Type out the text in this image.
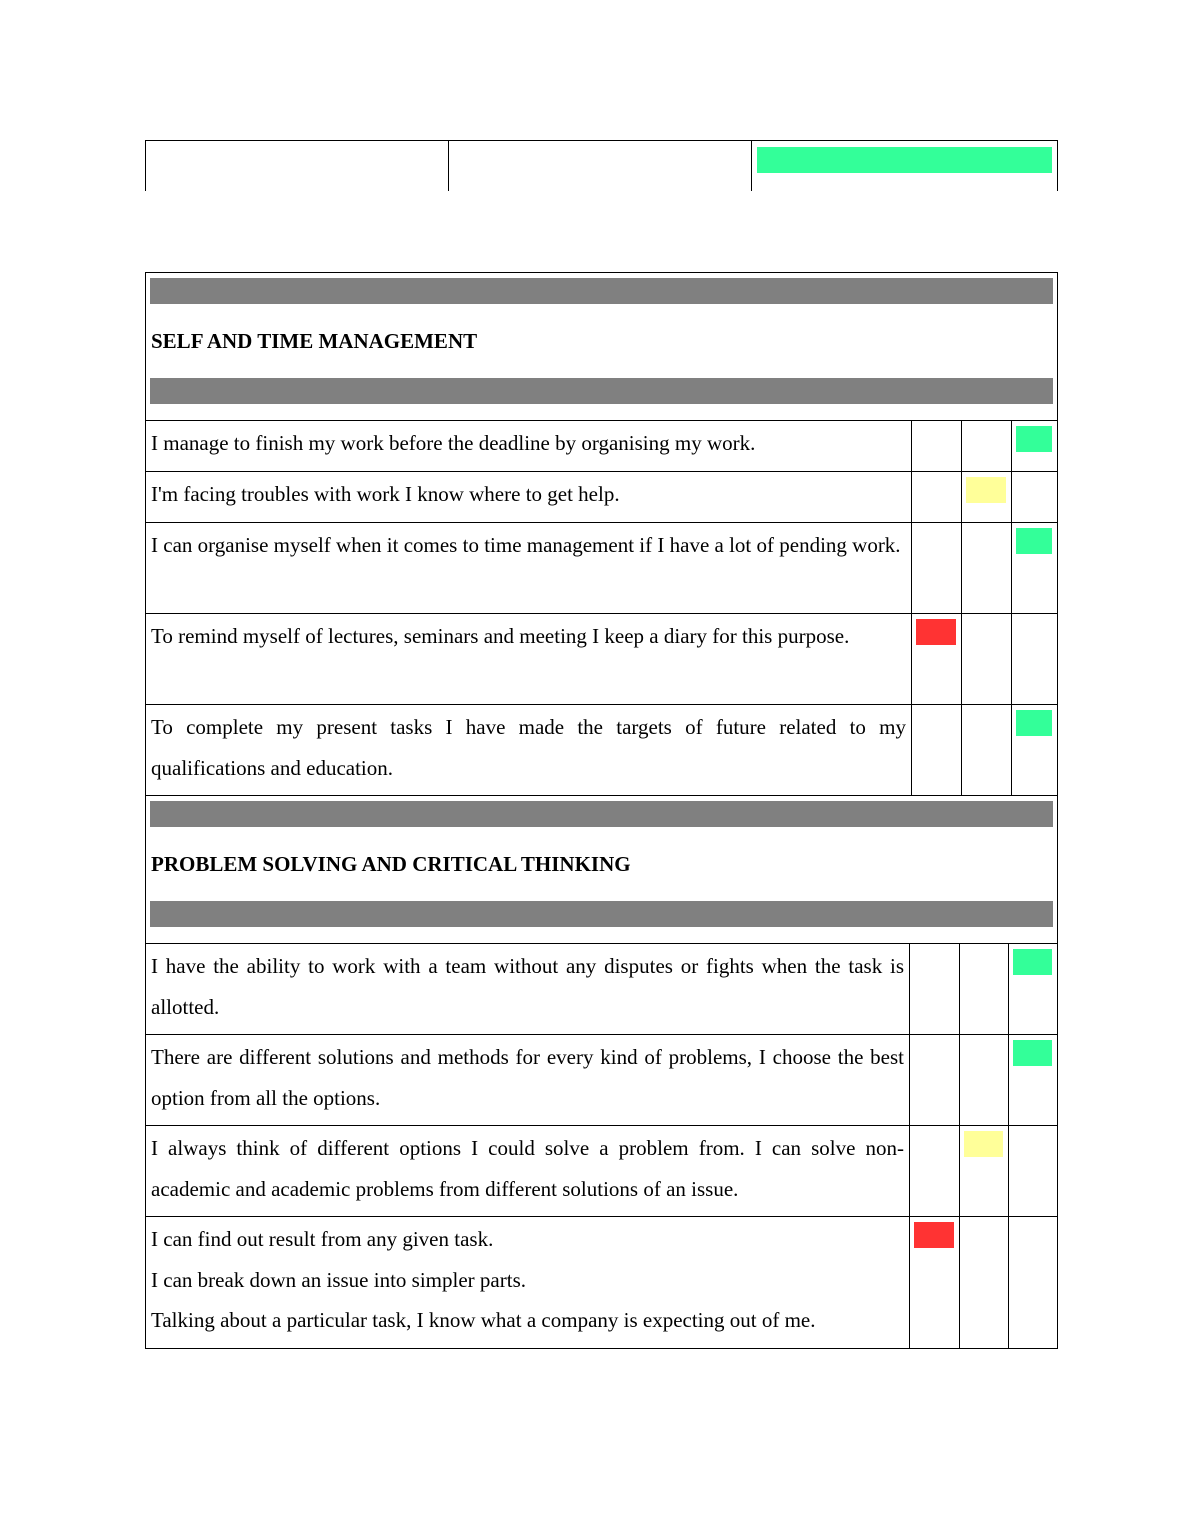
SELF AND TIME MANAGEMENT

I manage to finish my work before the deadline by organising my work.

I'm facing troubles with work I know where to get help.

I can organise myself when it comes to time management if I have a lot of pending work.

To remind myself of lectures, seminars and meeting I keep a diary for this purpose.

To complete my present tasks I have made the targets of future related to my qualifications and education.

PROBLEM SOLVING AND CRITICAL THINKING

I have the ability to work with a team without any disputes or fights when the task is allotted.

There are different solutions and methods for every kind of problems, I choose the best option from all the options.

I always think of different options I could solve a problem from. I can solve non-academic and academic problems from different solutions of an issue.

I can find out result from any given task.

I can break down an issue into simpler parts.

Talking about a particular task, I know what a company is expecting out of me.
